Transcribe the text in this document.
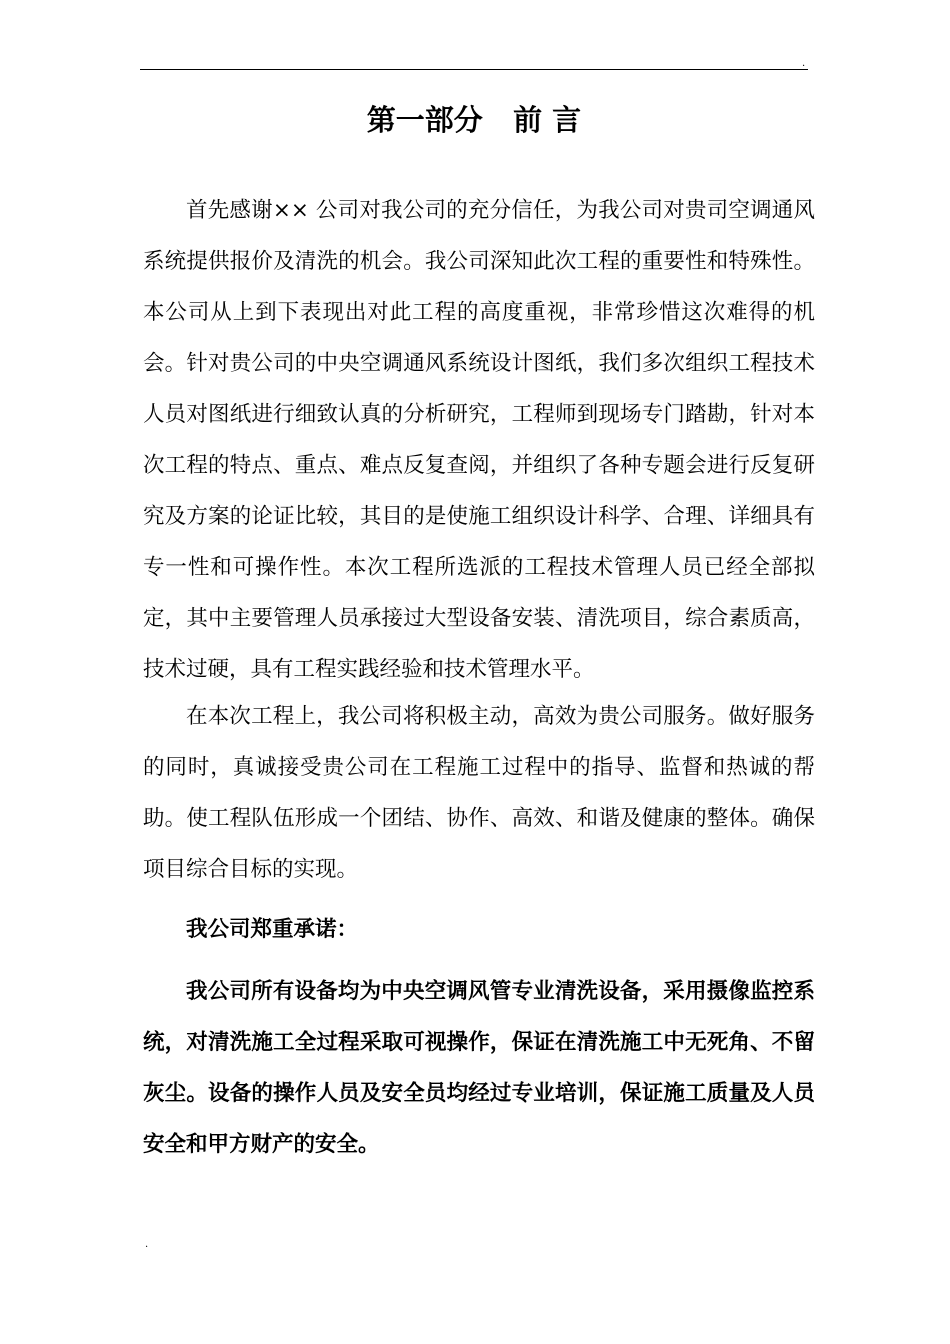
.
第一部分   前 言

首先感谢×× 公司对我公司的充分信任，为我公司对贵司空调通风系统提供报价及清洗的机会。我公司深知此次工程的重要性和特殊性。本公司从上到下表现出对此工程的高度重视，非常珍惜这次难得的机会。针对贵公司的中央空调通风系统设计图纸，我们多次组织工程技术人员对图纸进行细致认真的分析研究，工程师到现场专门踏勘，针对本次工程的特点、重点、难点反复查阅，并组织了各种专题会进行反复研究及方案的论证比较，其目的是使施工组织设计科学、合理、详细具有专一性和可操作性。本次工程所选派的工程技术管理人员已经全部拟定，其中主要管理人员承接过大型设备安装、清洗项目，综合素质高，技术过硬，具有工程实践经验和技术管理水平。

在本次工程上，我公司将积极主动，高效为贵公司服务。做好服务的同时，真诚接受贵公司在工程施工过程中的指导、监督和热诚的帮助。使工程队伍形成一个团结、协作、高效、和谐及健康的整体。确保项目综合目标的实现。

我公司郑重承诺：

我公司所有设备均为中央空调风管专业清洗设备，采用摄像监控系统，对清洗施工全过程采取可视操作，保证在清洗施工中无死角、不留灰尘。设备的操作人员及安全员均经过专业培训，保证施工质量及人员安全和甲方财产的安全。

.
